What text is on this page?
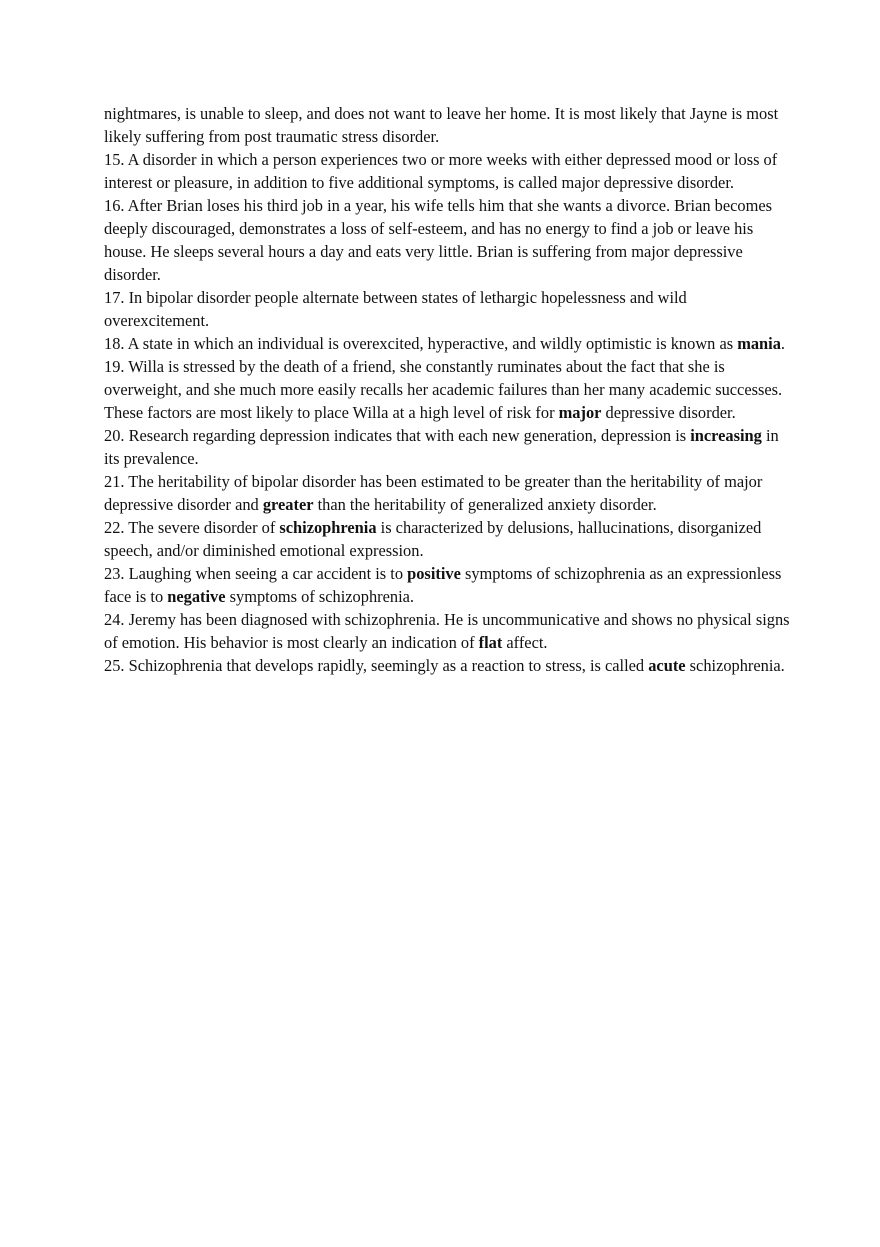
nightmares, is unable to sleep, and does not want to leave her home. It is most likely that Jayne is most likely suffering from post traumatic stress disorder.

15. A disorder in which a person experiences two or more weeks with either depressed mood or loss of interest or pleasure, in addition to five additional symptoms, is called major depressive disorder.

16. After Brian loses his third job in a year, his wife tells him that she wants a divorce. Brian becomes deeply discouraged, demonstrates a loss of self-esteem, and has no energy to find a job or leave his house. He sleeps several hours a day and eats very little. Brian is suffering from major depressive disorder.

17. In bipolar disorder people alternate between states of lethargic hopelessness and wild overexcitement.

18. A state in which an individual is overexcited, hyperactive, and wildly optimistic is known as mania.

19. Willa is stressed by the death of a friend, she constantly ruminates about the fact that she is overweight, and she much more easily recalls her academic failures than her many academic successes. These factors are most likely to place Willa at a high level of risk for major depressive disorder.

20. Research regarding depression indicates that with each new generation, depression is increasing in its prevalence.

21. The heritability of bipolar disorder has been estimated to be greater than the heritability of major depressive disorder and greater than the heritability of generalized anxiety disorder.

22. The severe disorder of schizophrenia is characterized by delusions, hallucinations, disorganized speech, and/or diminished emotional expression.

23. Laughing when seeing a car accident is to positive symptoms of schizophrenia as an expressionless face is to negative symptoms of schizophrenia.

24. Jeremy has been diagnosed with schizophrenia. He is uncommunicative and shows no physical signs of emotion. His behavior is most clearly an indication of flat affect.

25. Schizophrenia that develops rapidly, seemingly as a reaction to stress, is called acute schizophrenia.
